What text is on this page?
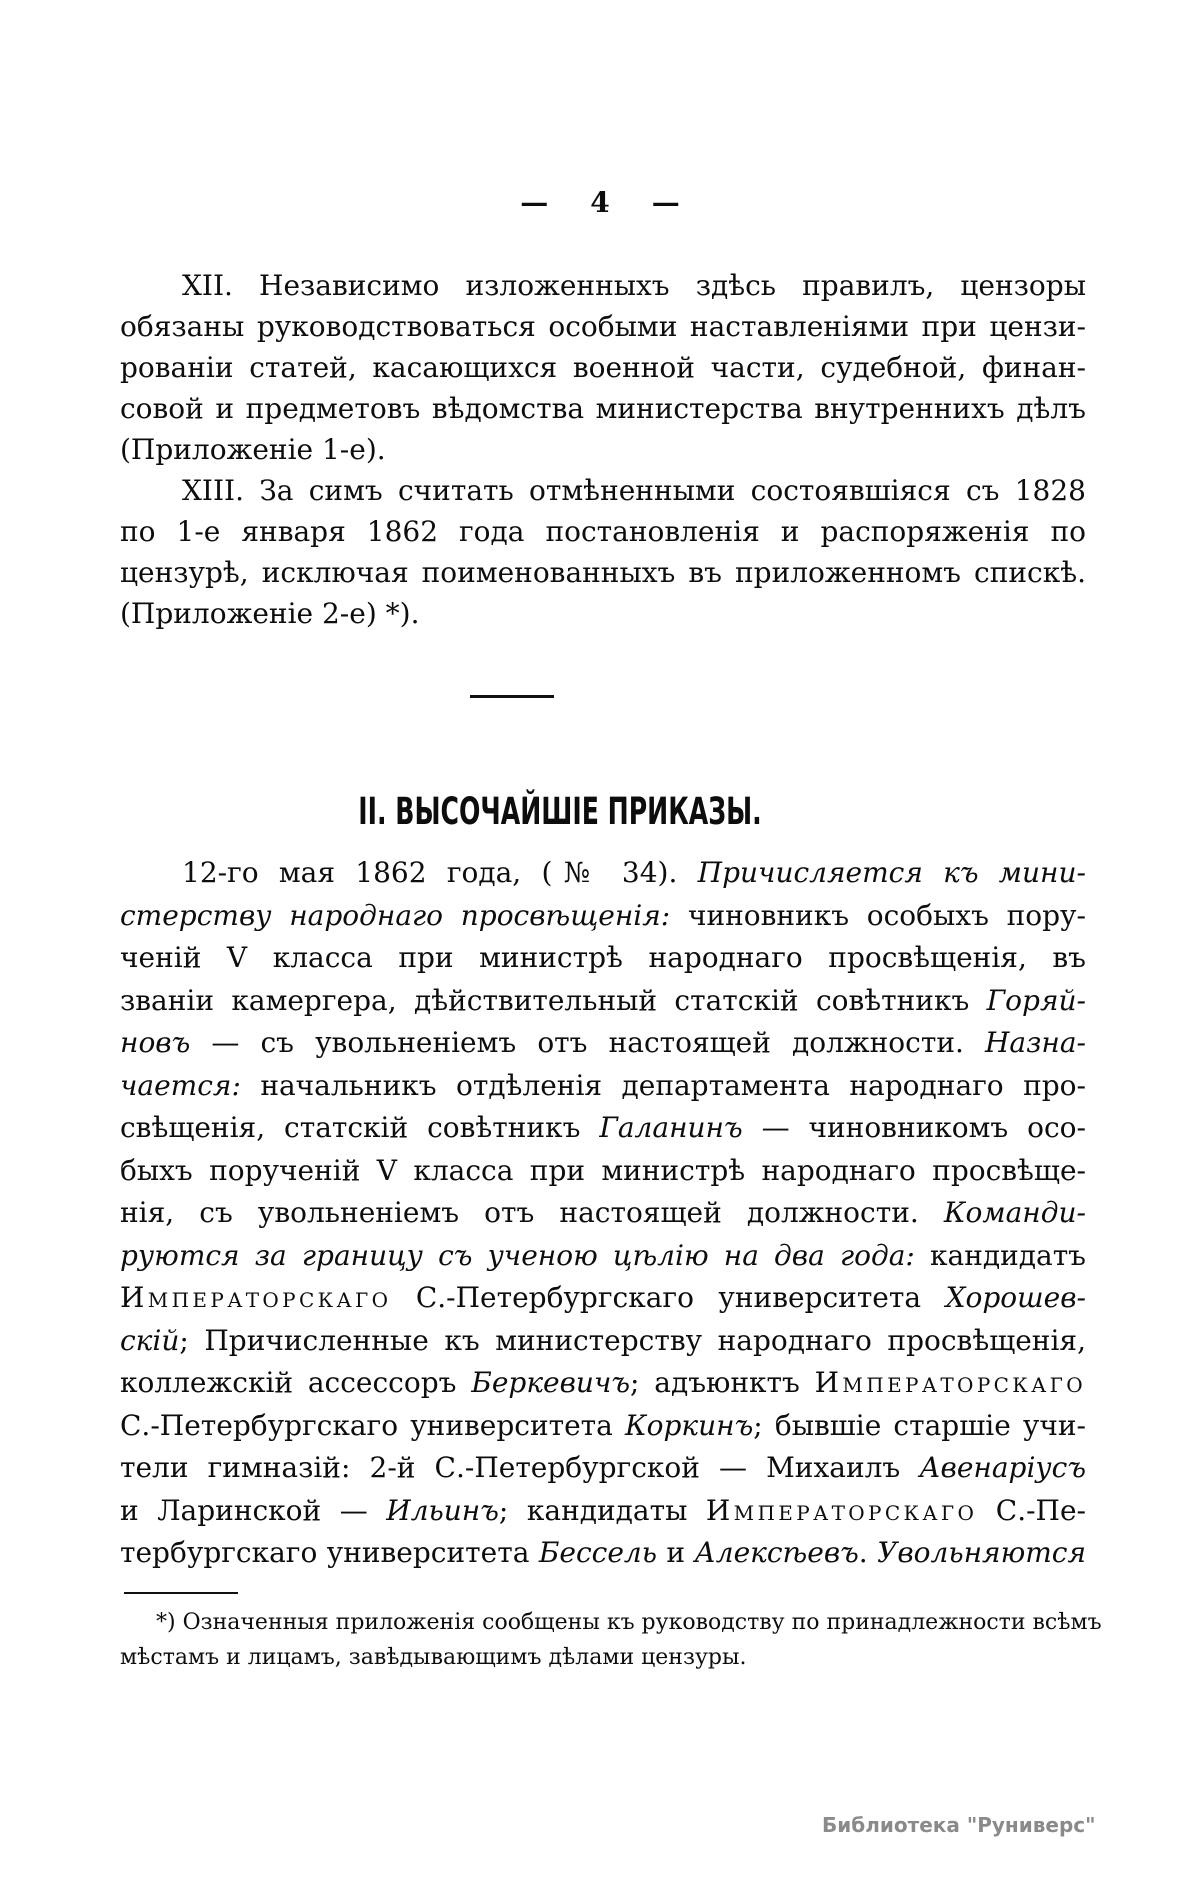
— 4 —
XII. Независимо изложенныхъ здѣсь правилъ, цензоры
обязаны руководствоваться особыми наставленіями при цензи-
рованіи статей, касающихся военной части, судебной, финан-
совой и предметовъ вѣдомства министерства внутреннихъ дѣлъ
(Приложеніе 1-е).
XIII. За симъ считать отмѣненными состоявшіяся съ 1828
по 1-е января 1862 года постановленія и распоряженія по
цензурѣ, исключая поименованныхъ въ приложенномъ спискѣ.
(Приложеніе 2-е) *).
II. ВЫСОЧАЙШІЕ ПРИКАЗЫ.
12-го мая 1862 года, (№ 34). Причисляется къ мини-
стерству народнаго просвѣщенія: чиновникъ особыхъ пору-
ченій V класса при министрѣ народнаго просвѣщенія, въ
званіи камергера, дѣйствительный статскій совѣтникъ Горяй-
новъ — съ увольненіемъ отъ настоящей должности. Назна-
чается: начальникъ отдѣленія департамента народнаго про-
свѣщенія, статскій совѣтникъ Галанинъ — чиновникомъ осо-
быхъ порученій V класса при министрѣ народнаго просвѣще-
нія, съ увольненіемъ отъ настоящей должности. Команди-
руются за границу съ ученою цѣлію на два года: кандидатъ
Императорскаго С.-Петербургскаго университета Хорошев-
скій; Причисленные къ министерству народнаго просвѣщенія,
коллежскій ассессоръ Беркевичъ; адъюнктъ Императорскаго
С.-Петербургскаго университета Коркинъ; бывшіе старшіе учи-
тели гимназій: 2-й С.-Петербургской — Михаилъ Авенаріусъ
и Ларинской — Ильинъ; кандидаты Императорскаго С.-Пе-
тербургскаго университета Бессель и Алексѣевъ. Увольняются
*) Означенныя приложенія сообщены къ руководству по принадлежности всѣмъ
мѣстамъ и лицамъ, завѣдывающимъ дѣлами цензуры.
Библиотека "Руниверс"
